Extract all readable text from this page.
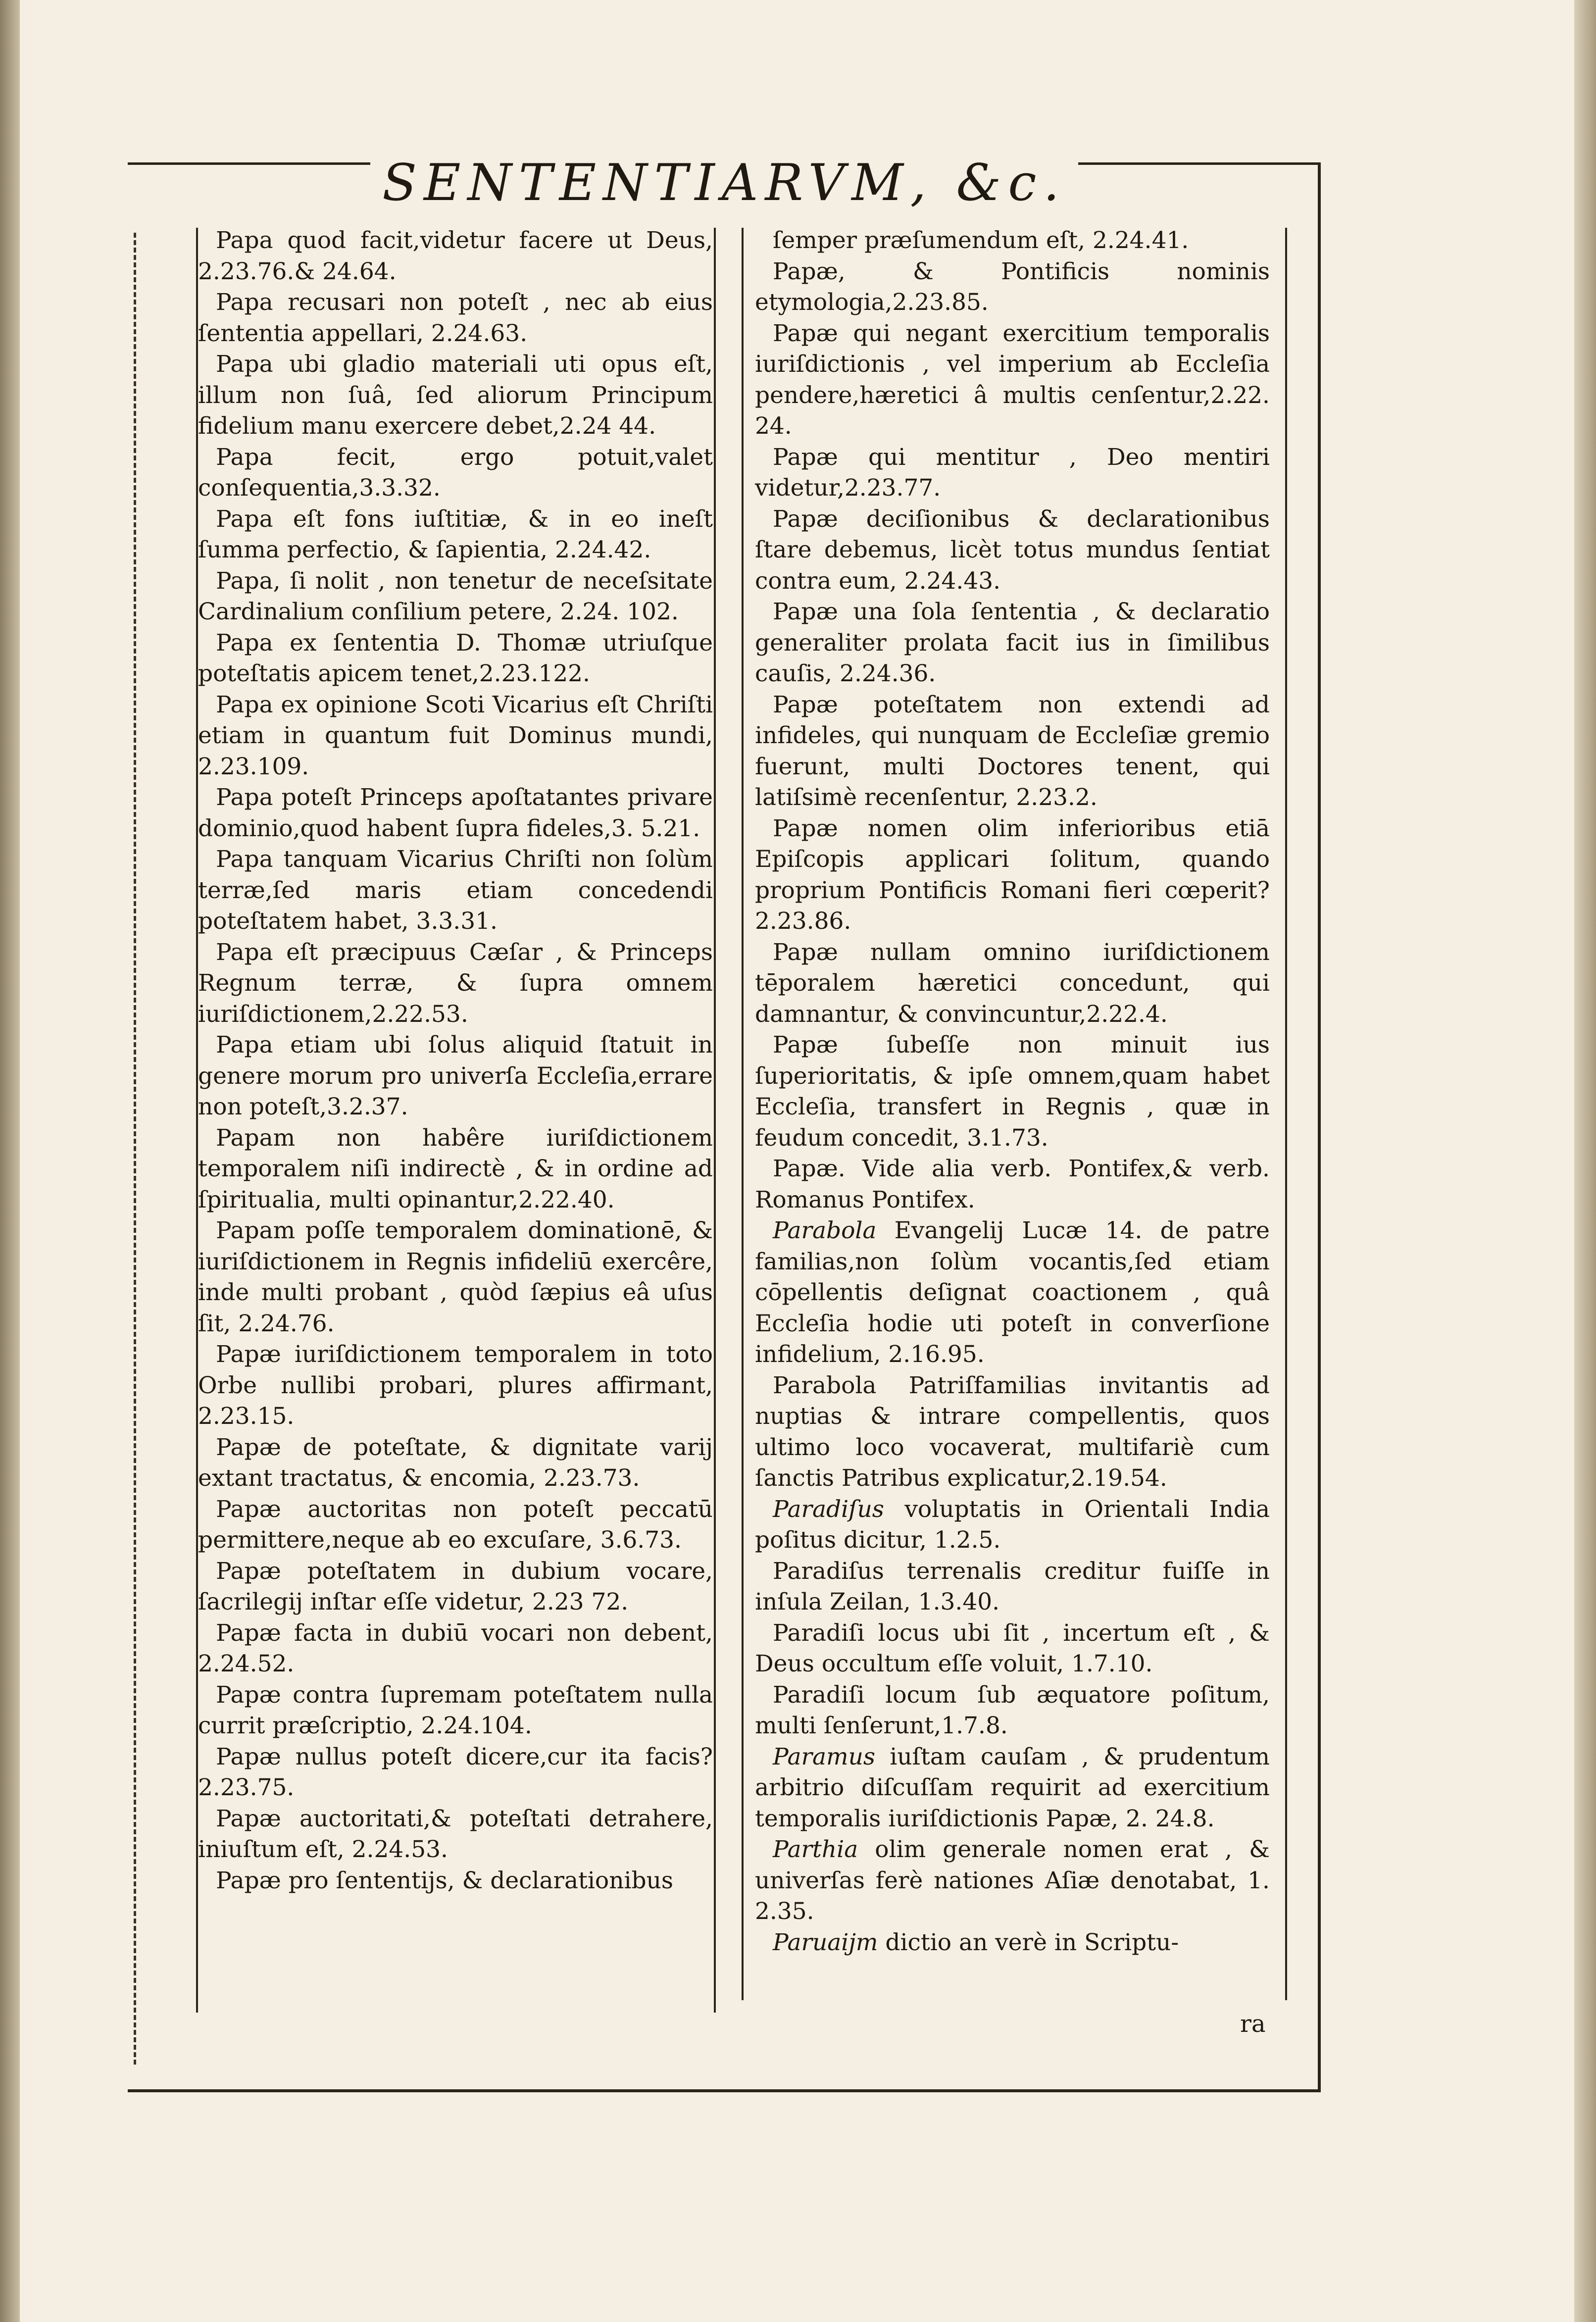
SENTENTIARVM, &c.

Papa quod facit,videtur facere ut Deus, 2.23.76.& 24.64.

Papa recusari non poteſt , nec ab eius ſententia appellari, 2.24.63.

Papa ubi gladio materiali uti opus eſt, illum non ſuâ, ſed aliorum Principum fidelium manu exercere debet,2.24 44.

Papa fecit, ergo potuit,valet conſequentia,3.3.32.

Papa eſt fons iuſtitiæ, & in eo ineſt ſumma perfectio, & ſapientia, 2.24.42.

Papa, ſi nolit , non tenetur de neceſsitate Cardinalium conſilium petere, 2.24. 102.

Papa ex ſententia D. Thomæ utriuſque poteſtatis apicem tenet,2.23.122.

Papa ex opinione Scoti Vicarius eſt Chriſti etiam in quantum fuit Dominus mundi, 2.23.109.

Papa poteſt Princeps apoſtatantes privare dominio,quod habent ſupra fideles,3. 5.21.

Papa tanquam Vicarius Chriſti non ſolùm terræ,ſed maris etiam concedendi poteſtatem habet, 3.3.31.

Papa eſt præcipuus Cæſar , & Princeps Regnum terræ, & ſupra omnem iuriſdictionem,2.22.53.

Papa etiam ubi ſolus aliquid ſtatuit in genere morum pro univerſa Eccleſia,errare non poteſt,3.2.37.

Papam non habêre iuriſdictionem temporalem niſi indirectè , & in ordine ad ſpiritualia, multi opinantur,2.22.40.

Papam poſſe temporalem dominationē, & iuriſdictionem in Regnis infideliū exercêre, inde multi probant , quòd ſæpius eâ uſus ſit, 2.24.76.

Papæ iuriſdictionem temporalem in toto Orbe nullibi probari, plures affirmant, 2.23.15.

Papæ de poteſtate, & dignitate varij extant tractatus, & encomia, 2.23.73.

Papæ auctoritas non poteſt peccatū permittere,neque ab eo excuſare, 3.6.73.

Papæ poteſtatem in dubium vocare, ſacrilegij inſtar eſſe videtur, 2.23 72.

Papæ facta in dubiū vocari non debent, 2.24.52.

Papæ contra ſupremam poteſtatem nulla currit præſcriptio, 2.24.104.

Papæ nullus poteſt dicere,cur ita facis? 2.23.75.

Papæ auctoritati,& poteſtati detrahere, iniuſtum eſt, 2.24.53.

Papæ pro ſententijs, & declarationibus

ſemper præſumendum eſt, 2.24.41.

Papæ, & Pontificis nominis etymologia,2.23.85.

Papæ qui negant exercitium temporalis iuriſdictionis , vel imperium ab Eccleſia pendere,hæretici â multis cenſentur,2.22. 24.

Papæ qui mentitur , Deo mentiri videtur,2.23.77.

Papæ deciſionibus & declarationibus ſtare debemus, licèt totus mundus ſentiat contra eum, 2.24.43.

Papæ una ſola ſententia , & declaratio generaliter prolata facit ius in ſimilibus cauſis, 2.24.36.

Papæ poteſtatem non extendi ad infideles, qui nunquam de Eccleſiæ gremio fuerunt, multi Doctores tenent, qui latiſsimè recenſentur, 2.23.2.

Papæ nomen olim inferioribus etiā Epiſcopis applicari ſolitum, quando proprium Pontificis Romani fieri cœperit? 2.23.86.

Papæ nullam omnino iuriſdictionem tēporalem hæretici concedunt, qui damnantur, & convincuntur,2.22.4.

Papæ ſubeſſe non minuit ius ſuperioritatis, & ipſe omnem,quam habet Eccleſia, transfert in Regnis , quæ in feudum concedit, 3.1.73.

Papæ. Vide alia verb. Pontifex,& verb. Romanus Pontifex.

Parabola Evangelij Lucæ 14. de patre familias,non ſolùm vocantis,ſed etiam cōpellentis deſignat coactionem , quâ Eccleſia hodie uti poteſt in converſione infidelium, 2.16.95.

Parabola Patriſfamilias invitantis ad nuptias & intrare compellentis, quos ultimo loco vocaverat, multifariè cum ſanctis Patribus explicatur,2.19.54.

Paradiſus voluptatis in Orientali India poſitus dicitur, 1.2.5.

Paradiſus terrenalis creditur fuiſſe in inſula Zeilan, 1.3.40.

Paradiſi locus ubi ſit , incertum eſt , & Deus occultum eſſe voluit, 1.7.10.

Paradiſi locum ſub æquatore poſitum, multi ſenſerunt,1.7.8.

Paramus iuſtam cauſam , & prudentum arbitrio diſcuſſam requirit ad exercitium temporalis iuriſdictionis Papæ, 2. 24.8.

Parthia olim generale nomen erat , & univerſas ferè nationes Aſiæ denotabat, 1. 2.35.

Paruaijm dictio an verè in Scriptu-

ra
